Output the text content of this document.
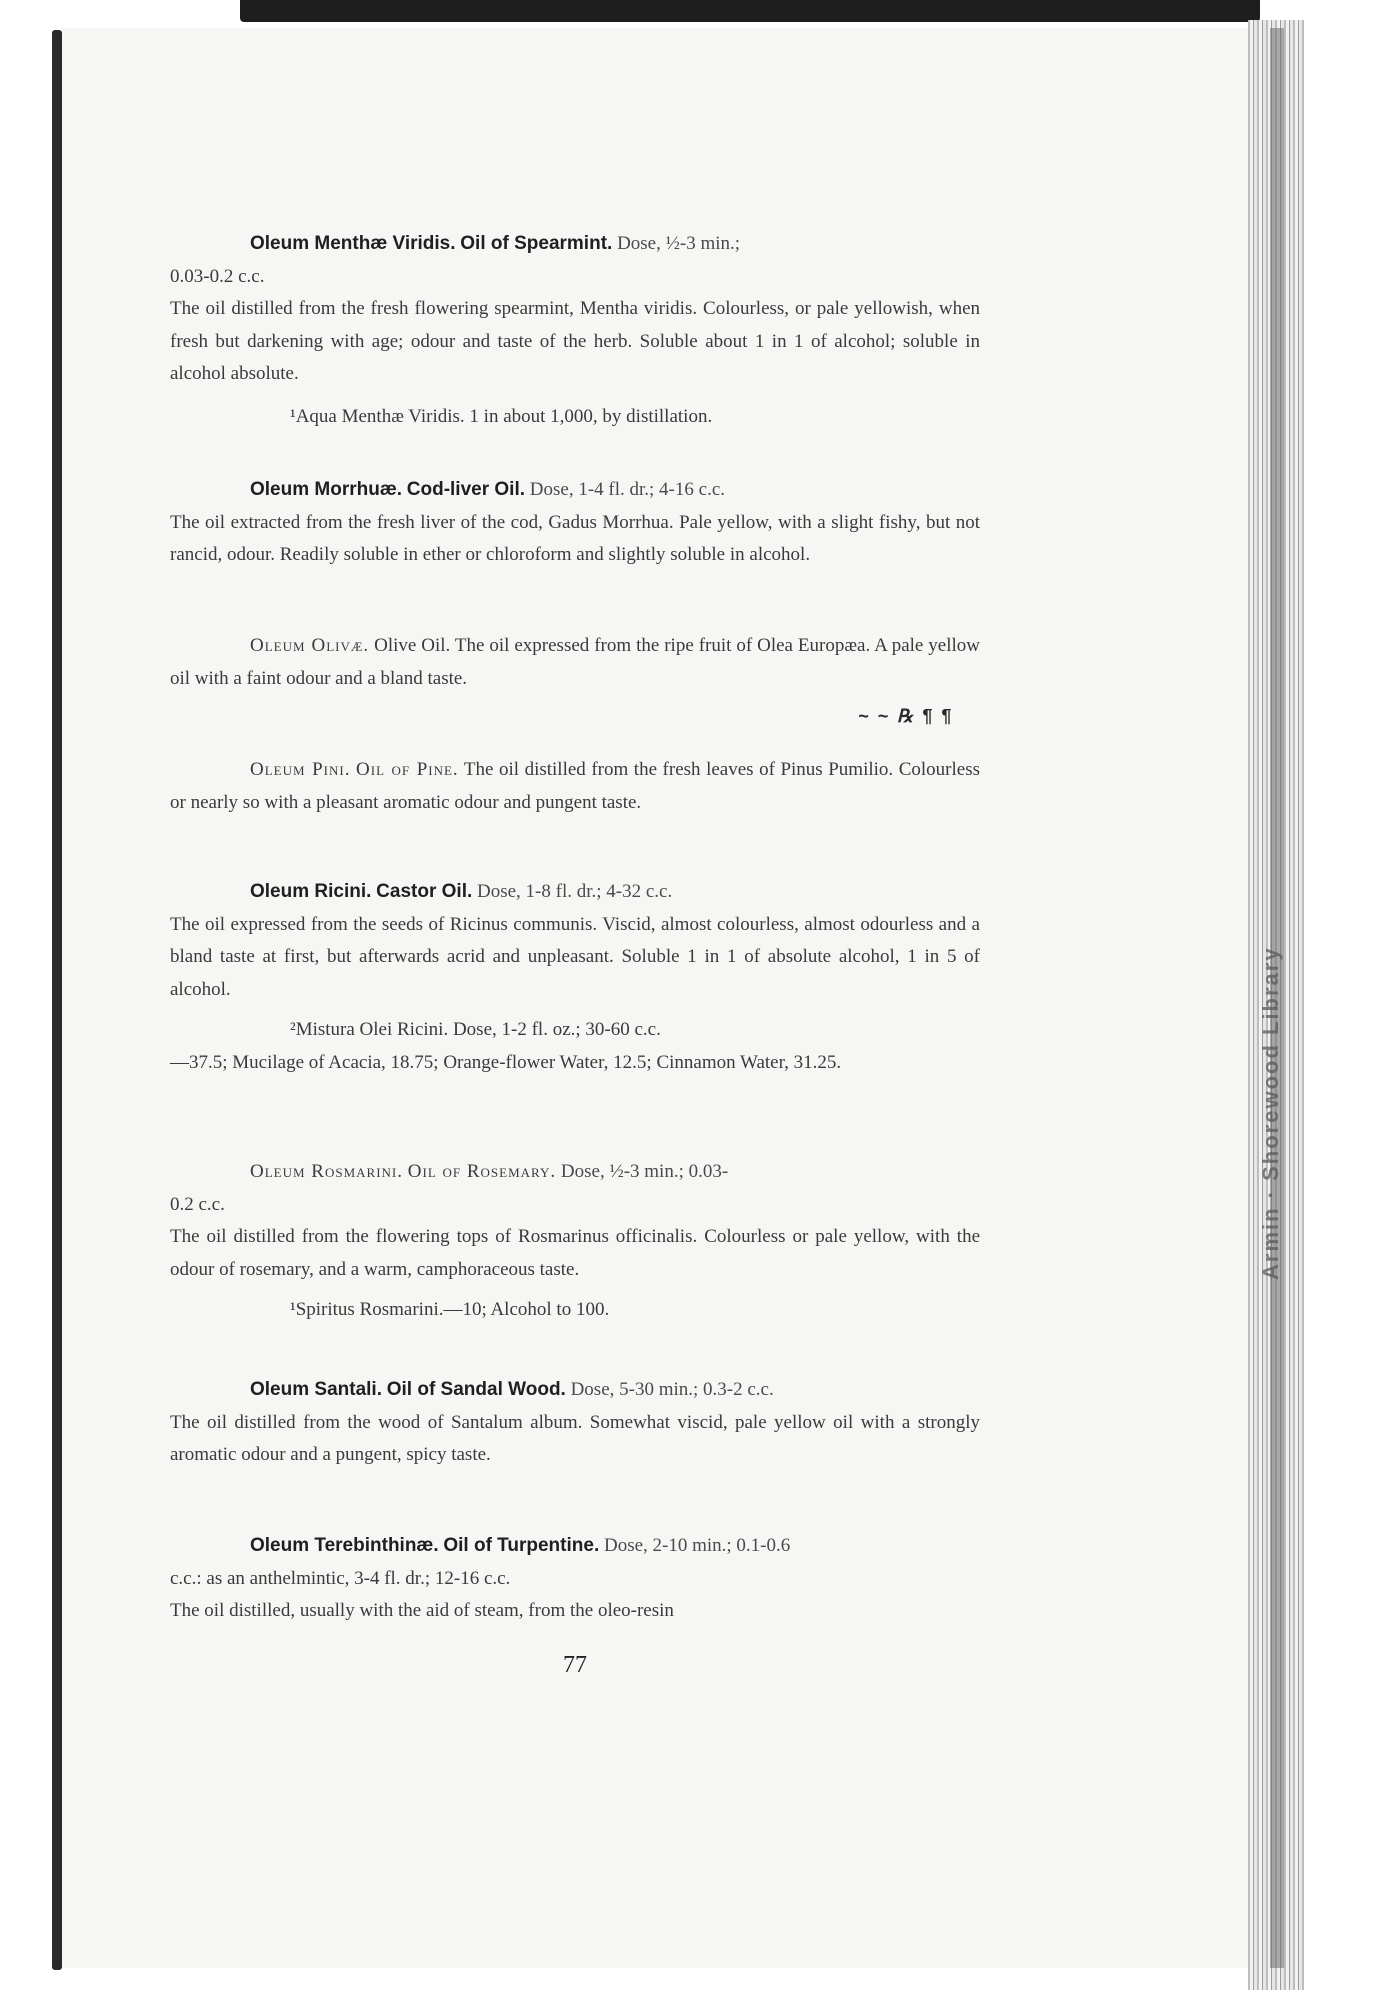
Armin · Shorewood Library

Oleum Menthæ Viridis. Oil of Spearmint. Dose, ½-3 min.;

0.03-0.2 c.c.

The oil distilled from the fresh flowering spearmint, Mentha viridis. Colourless, or pale yellowish, when fresh but darkening with age; odour and taste of the herb. Soluble about 1 in 1 of alcohol; soluble in alcohol absolute.

¹Aqua Menthæ Viridis. 1 in about 1,000, by distillation.

Oleum Morrhuæ. Cod-liver Oil. Dose, 1-4 fl. dr.; 4-16 c.c.

The oil extracted from the fresh liver of the cod, Gadus Morrhua. Pale yellow, with a slight fishy, but not rancid, odour. Readily soluble in ether or chloroform and slightly soluble in alcohol.

Oleum Olivæ. Olive Oil. The oil expressed from the ripe fruit of Olea Europæa. A pale yellow oil with a faint odour and a bland taste.

~ ~ ℞ ¶ ¶

Oleum Pini. Oil of Pine. The oil distilled from the fresh leaves of Pinus Pumilio. Colourless or nearly so with a pleasant aromatic odour and pungent taste.

Oleum Ricini. Castor Oil. Dose, 1-8 fl. dr.; 4-32 c.c.

The oil expressed from the seeds of Ricinus communis. Viscid, almost colourless, almost odourless and a bland taste at first, but afterwards acrid and unpleasant. Soluble 1 in 1 of absolute alcohol, 1 in 5 of alcohol.

²Mistura Olei Ricini. Dose, 1-2 fl. oz.; 30-60 c.c.

—37.5; Mucilage of Acacia, 18.75; Orange-flower Water, 12.5; Cinnamon Water, 31.25.

Oleum Rosmarini. Oil of Rosemary. Dose, ½-3 min.; 0.03-

0.2 c.c.

The oil distilled from the flowering tops of Rosmarinus officinalis. Colourless or pale yellow, with the odour of rosemary, and a warm, camphoraceous taste.

¹Spiritus Rosmarini.—10; Alcohol to 100.

Oleum Santali. Oil of Sandal Wood. Dose, 5-30 min.; 0.3-2 c.c.

The oil distilled from the wood of Santalum album. Somewhat viscid, pale yellow oil with a strongly aromatic odour and a pungent, spicy taste.

Oleum Terebinthinæ. Oil of Turpentine. Dose, 2-10 min.; 0.1-0.6

c.c.: as an anthelmintic, 3-4 fl. dr.; 12-16 c.c.

The oil distilled, usually with the aid of steam, from the oleo-resin

77
